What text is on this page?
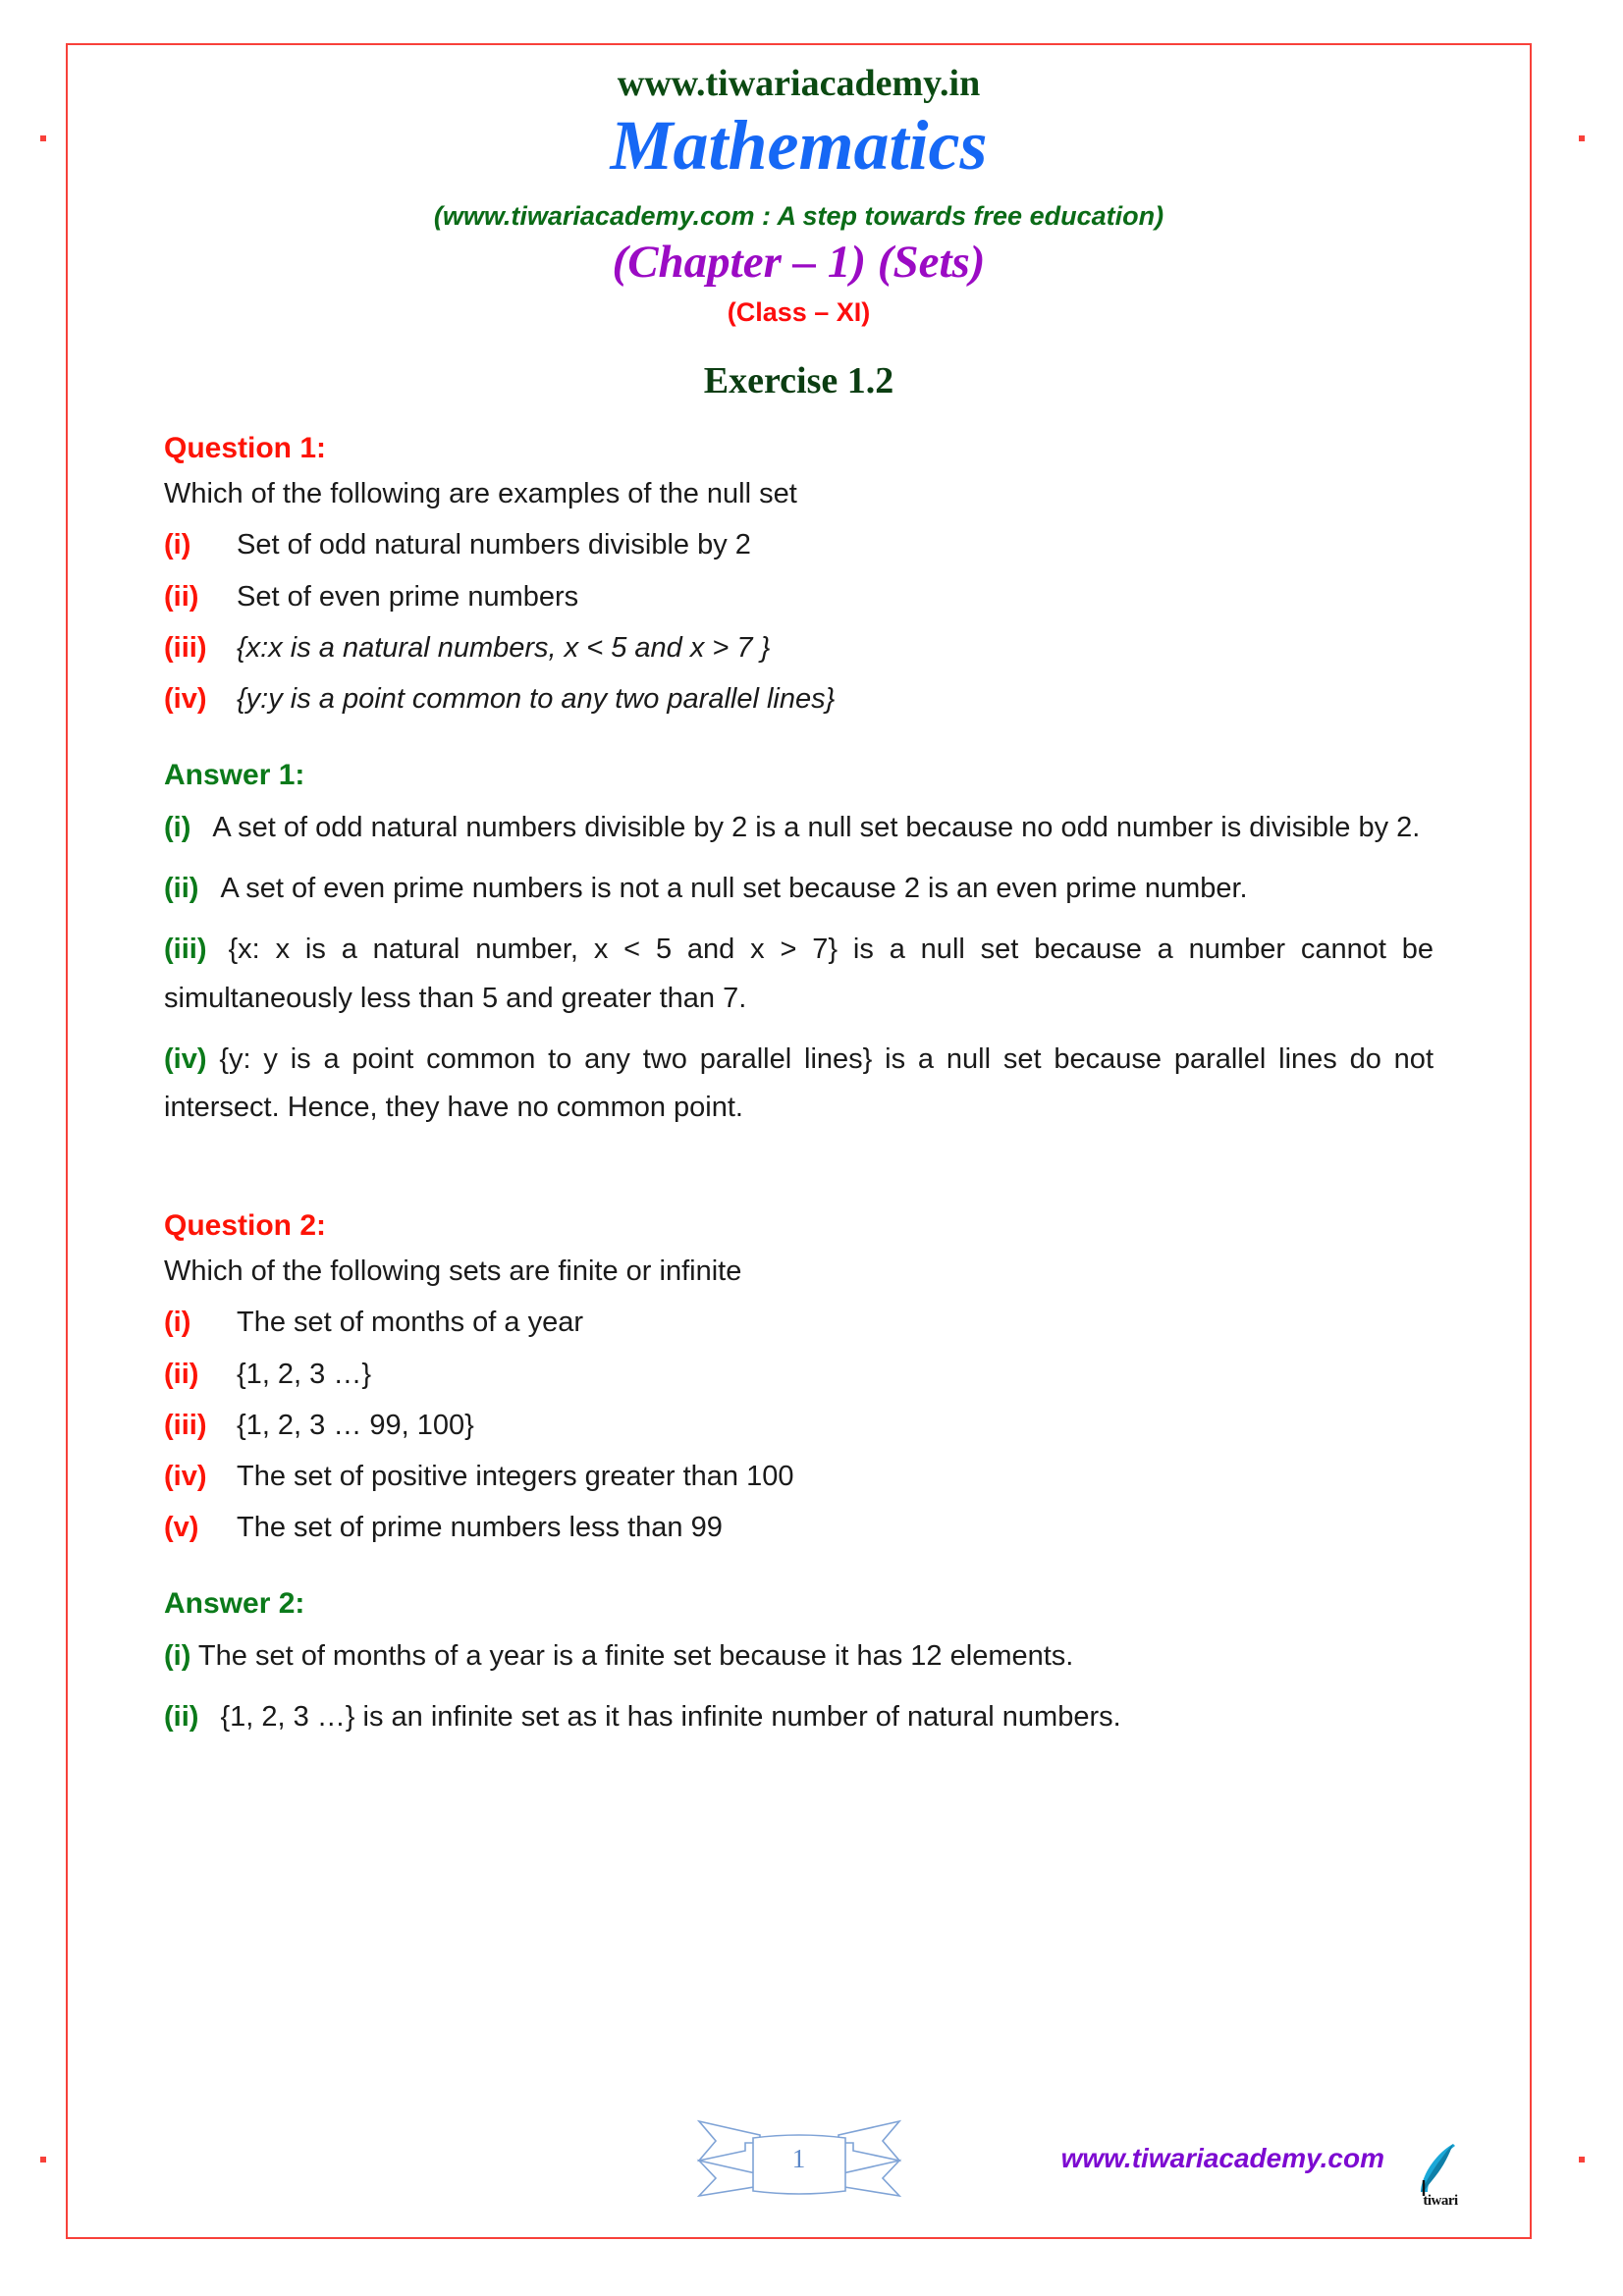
www.tiwariacademy.in
Mathematics
(www.tiwariacademy.com : A step towards free education)
(Chapter – 1) (Sets)
(Class – XI)
Exercise 1.2
Question 1:
Which of the following are examples of the null set
(i)	Set of odd natural numbers divisible by 2
(ii)	Set of even prime numbers
(iii)	{x:x is a natural numbers, x < 5 and x > 7 }
(iv)	{y:y is a point common to any two parallel lines}
Answer 1:
(i) A set of odd natural numbers divisible by 2 is a null set because no odd number is divisible by 2.
(ii) A set of even prime numbers is not a null set because 2 is an even prime number.
(iii) {x: x is a natural number, x < 5 and x > 7} is a null set because a number cannot be simultaneously less than 5 and greater than 7.
(iv) {y: y is a point common to any two parallel lines} is a null set because parallel lines do not intersect. Hence, they have no common point.
Question 2:
Which of the following sets are finite or infinite
(i)	The set of months of a year
(ii)	{1, 2, 3 …}
(iii)	{1, 2, 3 … 99, 100}
(iv)	The set of positive integers greater than 100
(v)	The set of prime numbers less than 99
Answer 2:
(i) The set of months of a year is a finite set because it has 12 elements.
(ii) {1, 2, 3 …} is an infinite set as it has infinite number of natural numbers.
1	www.tiwariacademy.com
tiwari
